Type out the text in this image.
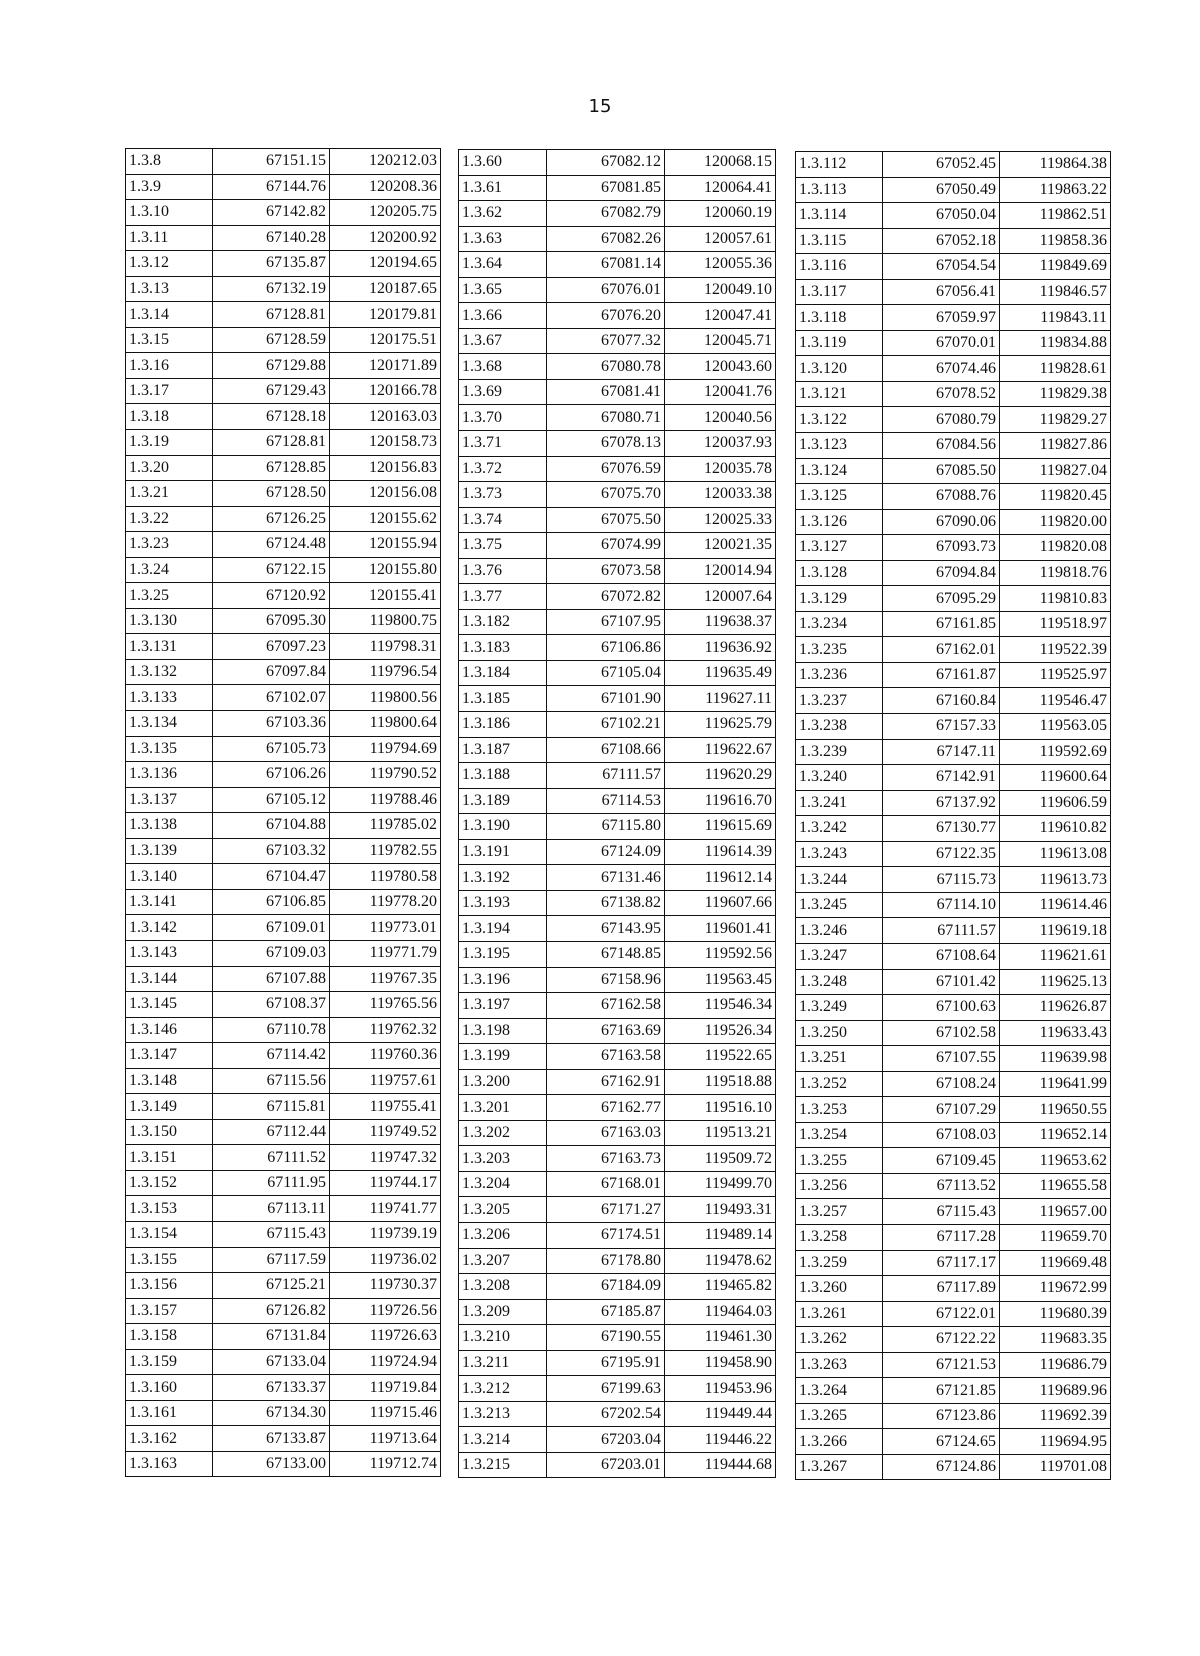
15
1.3.8	67151.15	120212.03
1.3.9	67144.76	120208.36
1.3.10	67142.82	120205.75
1.3.11	67140.28	120200.92
1.3.12	67135.87	120194.65
1.3.13	67132.19	120187.65
1.3.14	67128.81	120179.81
1.3.15	67128.59	120175.51
1.3.16	67129.88	120171.89
1.3.17	67129.43	120166.78
1.3.18	67128.18	120163.03
1.3.19	67128.81	120158.73
1.3.20	67128.85	120156.83
1.3.21	67128.50	120156.08
1.3.22	67126.25	120155.62
1.3.23	67124.48	120155.94
1.3.24	67122.15	120155.80
1.3.25	67120.92	120155.41
1.3.130	67095.30	119800.75
1.3.131	67097.23	119798.31
1.3.132	67097.84	119796.54
1.3.133	67102.07	119800.56
1.3.134	67103.36	119800.64
1.3.135	67105.73	119794.69
1.3.136	67106.26	119790.52
1.3.137	67105.12	119788.46
1.3.138	67104.88	119785.02
1.3.139	67103.32	119782.55
1.3.140	67104.47	119780.58
1.3.141	67106.85	119778.20
1.3.142	67109.01	119773.01
1.3.143	67109.03	119771.79
1.3.144	67107.88	119767.35
1.3.145	67108.37	119765.56
1.3.146	67110.78	119762.32
1.3.147	67114.42	119760.36
1.3.148	67115.56	119757.61
1.3.149	67115.81	119755.41
1.3.150	67112.44	119749.52
1.3.151	67111.52	119747.32
1.3.152	67111.95	119744.17
1.3.153	67113.11	119741.77
1.3.154	67115.43	119739.19
1.3.155	67117.59	119736.02
1.3.156	67125.21	119730.37
1.3.157	67126.82	119726.56
1.3.158	67131.84	119726.63
1.3.159	67133.04	119724.94
1.3.160	67133.37	119719.84
1.3.161	67134.30	119715.46
1.3.162	67133.87	119713.64
1.3.163	67133.00	119712.74
1.3.60	67082.12	120068.15
1.3.61	67081.85	120064.41
1.3.62	67082.79	120060.19
1.3.63	67082.26	120057.61
1.3.64	67081.14	120055.36
1.3.65	67076.01	120049.10
1.3.66	67076.20	120047.41
1.3.67	67077.32	120045.71
1.3.68	67080.78	120043.60
1.3.69	67081.41	120041.76
1.3.70	67080.71	120040.56
1.3.71	67078.13	120037.93
1.3.72	67076.59	120035.78
1.3.73	67075.70	120033.38
1.3.74	67075.50	120025.33
1.3.75	67074.99	120021.35
1.3.76	67073.58	120014.94
1.3.77	67072.82	120007.64
1.3.182	67107.95	119638.37
1.3.183	67106.86	119636.92
1.3.184	67105.04	119635.49
1.3.185	67101.90	119627.11
1.3.186	67102.21	119625.79
1.3.187	67108.66	119622.67
1.3.188	67111.57	119620.29
1.3.189	67114.53	119616.70
1.3.190	67115.80	119615.69
1.3.191	67124.09	119614.39
1.3.192	67131.46	119612.14
1.3.193	67138.82	119607.66
1.3.194	67143.95	119601.41
1.3.195	67148.85	119592.56
1.3.196	67158.96	119563.45
1.3.197	67162.58	119546.34
1.3.198	67163.69	119526.34
1.3.199	67163.58	119522.65
1.3.200	67162.91	119518.88
1.3.201	67162.77	119516.10
1.3.202	67163.03	119513.21
1.3.203	67163.73	119509.72
1.3.204	67168.01	119499.70
1.3.205	67171.27	119493.31
1.3.206	67174.51	119489.14
1.3.207	67178.80	119478.62
1.3.208	67184.09	119465.82
1.3.209	67185.87	119464.03
1.3.210	67190.55	119461.30
1.3.211	67195.91	119458.90
1.3.212	67199.63	119453.96
1.3.213	67202.54	119449.44
1.3.214	67203.04	119446.22
1.3.215	67203.01	119444.68
1.3.112	67052.45	119864.38
1.3.113	67050.49	119863.22
1.3.114	67050.04	119862.51
1.3.115	67052.18	119858.36
1.3.116	67054.54	119849.69
1.3.117	67056.41	119846.57
1.3.118	67059.97	119843.11
1.3.119	67070.01	119834.88
1.3.120	67074.46	119828.61
1.3.121	67078.52	119829.38
1.3.122	67080.79	119829.27
1.3.123	67084.56	119827.86
1.3.124	67085.50	119827.04
1.3.125	67088.76	119820.45
1.3.126	67090.06	119820.00
1.3.127	67093.73	119820.08
1.3.128	67094.84	119818.76
1.3.129	67095.29	119810.83
1.3.234	67161.85	119518.97
1.3.235	67162.01	119522.39
1.3.236	67161.87	119525.97
1.3.237	67160.84	119546.47
1.3.238	67157.33	119563.05
1.3.239	67147.11	119592.69
1.3.240	67142.91	119600.64
1.3.241	67137.92	119606.59
1.3.242	67130.77	119610.82
1.3.243	67122.35	119613.08
1.3.244	67115.73	119613.73
1.3.245	67114.10	119614.46
1.3.246	67111.57	119619.18
1.3.247	67108.64	119621.61
1.3.248	67101.42	119625.13
1.3.249	67100.63	119626.87
1.3.250	67102.58	119633.43
1.3.251	67107.55	119639.98
1.3.252	67108.24	119641.99
1.3.253	67107.29	119650.55
1.3.254	67108.03	119652.14
1.3.255	67109.45	119653.62
1.3.256	67113.52	119655.58
1.3.257	67115.43	119657.00
1.3.258	67117.28	119659.70
1.3.259	67117.17	119669.48
1.3.260	67117.89	119672.99
1.3.261	67122.01	119680.39
1.3.262	67122.22	119683.35
1.3.263	67121.53	119686.79
1.3.264	67121.85	119689.96
1.3.265	67123.86	119692.39
1.3.266	67124.65	119694.95
1.3.267	67124.86	119701.08
